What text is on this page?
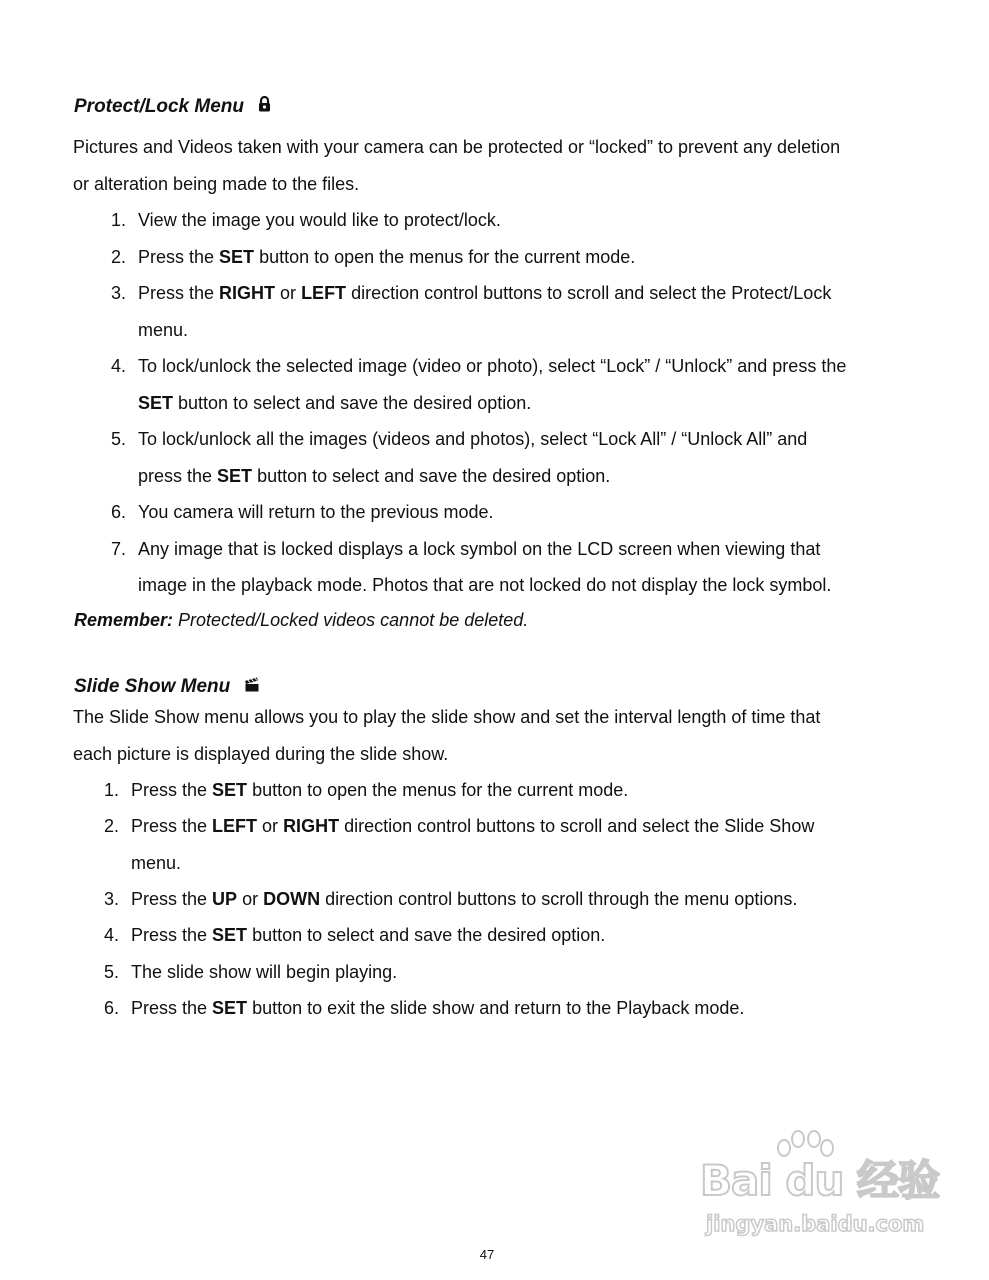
Protect/Lock Menu
Pictures and Videos taken with your camera can be protected or “locked” to prevent any deletion
or alteration being made to the files.
1. View the image you would like to protect/lock.
2. Press the SET button to open the menus for the current mode.
3. Press the RIGHT or LEFT direction control buttons to scroll and select the Protect/Lock
menu.
4. To lock/unlock the selected image (video or photo), select “Lock” / “Unlock” and press the
SET button to select and save the desired option.
5. To lock/unlock all the images (videos and photos), select “Lock All” / “Unlock All” and
press the SET button to select and save the desired option.
6. You camera will return to the previous mode.
7. Any image that is locked displays a lock symbol on the LCD screen when viewing that
image in the playback mode. Photos that are not locked do not display the lock symbol.
Remember: Protected/Locked videos cannot be deleted.
Slide Show Menu
The Slide Show menu allows you to play the slide show and set the interval length of time that
each picture is displayed during the slide show.
1. Press the SET button to open the menus for the current mode.
2. Press the LEFT or RIGHT direction control buttons to scroll and select the Slide Show
menu.
3. Press the UP or DOWN direction control buttons to scroll through the menu options.
4. Press the SET button to select and save the desired option.
5. The slide show will begin playing.
6. Press the SET button to exit the slide show and return to the Playback mode.
47
Bai du 经验
jingyan.baidu.com
